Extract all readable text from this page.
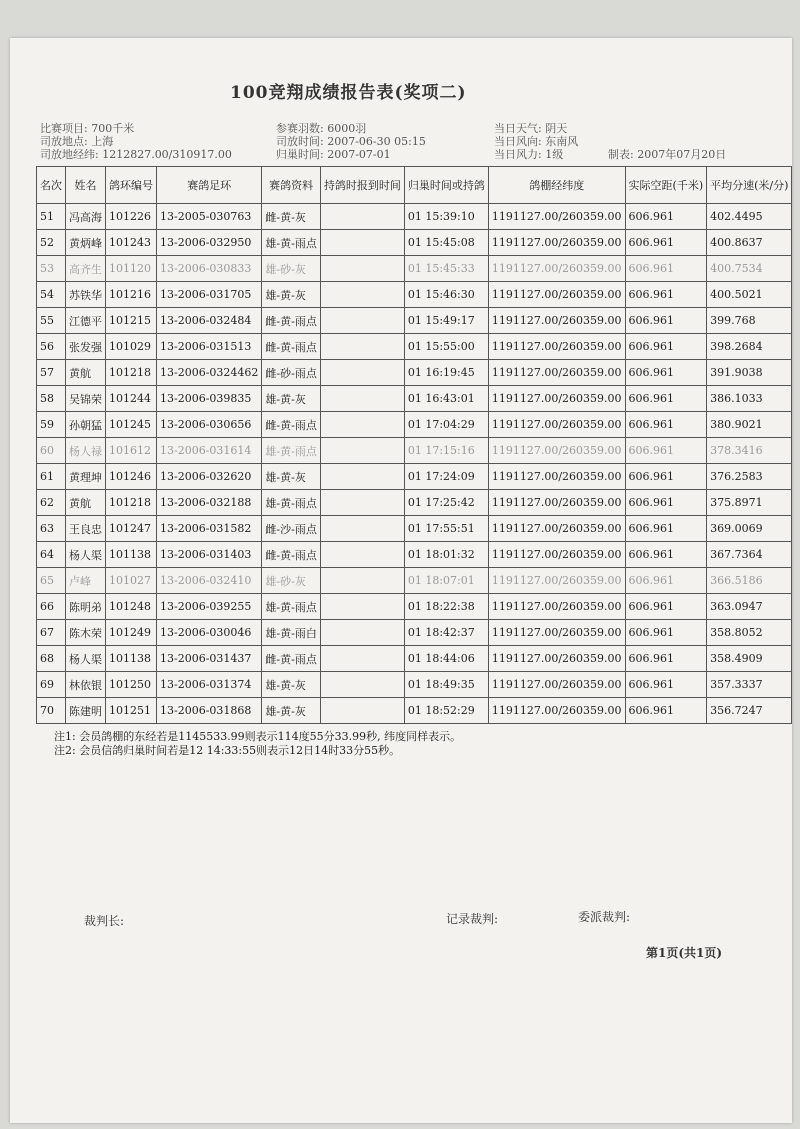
100竞翔成绩报告表(奖项二)
比赛项目: 700千米
司放地点: 上海
司放地经纬: 1212827.00/310917.00
参赛羽数: 6000羽
司放时间: 2007-06-30 05:15
归巢时间: 2007-07-01
当日天气: 阴天
当日风向: 东南风
当日风力: 1级	制表: 2007年07月20日
名次	姓名	鸽环编号	赛鸽足环	赛鸽资料	持鸽时报到时间	归巢时间或持鸽	鸽棚经纬度	实际空距(千米)	平均分速(米/分)
51	冯高海	101226	13-2005-030763	雌-黄-灰		01 15:39:10	1191127.00/260359.00	606.961	402.4495
52	黄炳峰	101243	13-2006-032950	雄-黄-雨点		01 15:45:08	1191127.00/260359.00	606.961	400.8637
53	高齐生	101120	13-2006-030833	雄-砂-灰		01 15:45:33	1191127.00/260359.00	606.961	400.7534
54	苏铁华	101216	13-2006-031705	雄-黄-灰		01 15:46:30	1191127.00/260359.00	606.961	400.5021
55	江德平	101215	13-2006-032484	雌-黄-雨点		01 15:49:17	1191127.00/260359.00	606.961	399.768
56	张发强	101029	13-2006-031513	雌-黄-雨点		01 15:55:00	1191127.00/260359.00	606.961	398.2684
57	黄航	101218	13-2006-0324462	雌-砂-雨点		01 16:19:45	1191127.00/260359.00	606.961	391.9038
58	吴锦荣	101244	13-2006-039835	雄-黄-灰		01 16:43:01	1191127.00/260359.00	606.961	386.1033
59	孙朝猛	101245	13-2006-030656	雌-黄-雨点		01 17:04:29	1191127.00/260359.00	606.961	380.9021
60	杨人禄	101612	13-2006-031614	雄-黄-雨点		01 17:15:16	1191127.00/260359.00	606.961	378.3416
61	黄理坤	101246	13-2006-032620	雄-黄-灰		01 17:24:09	1191127.00/260359.00	606.961	376.2583
62	黄航	101218	13-2006-032188	雄-黄-雨点		01 17:25:42	1191127.00/260359.00	606.961	375.8971
63	王良忠	101247	13-2006-031582	雌-沙-雨点		01 17:55:51	1191127.00/260359.00	606.961	369.0069
64	杨人渠	101138	13-2006-031403	雌-黄-雨点		01 18:01:32	1191127.00/260359.00	606.961	367.7364
65	卢峰	101027	13-2006-032410	雄-砂-灰		01 18:07:01	1191127.00/260359.00	606.961	366.5186
66	陈明弟	101248	13-2006-039255	雄-黄-雨点		01 18:22:38	1191127.00/260359.00	606.961	363.0947
67	陈木荣	101249	13-2006-030046	雄-黄-雨白		01 18:42:37	1191127.00/260359.00	606.961	358.8052
68	杨人渠	101138	13-2006-031437	雌-黄-雨点		01 18:44:06	1191127.00/260359.00	606.961	358.4909
69	林依银	101250	13-2006-031374	雄-黄-灰		01 18:49:35	1191127.00/260359.00	606.961	357.3337
70	陈建明	101251	13-2006-031868	雄-黄-灰		01 18:52:29	1191127.00/260359.00	606.961	356.7247
注1: 会员鸽棚的东经若是1145533.99则表示114度55分33.99秒, 纬度同样表示。
注2: 会员信鸽归巢时间若是12 14:33:55则表示12日14时33分55秒。
裁判长:	记录裁判:	委派裁判:
第1页(共1页)
